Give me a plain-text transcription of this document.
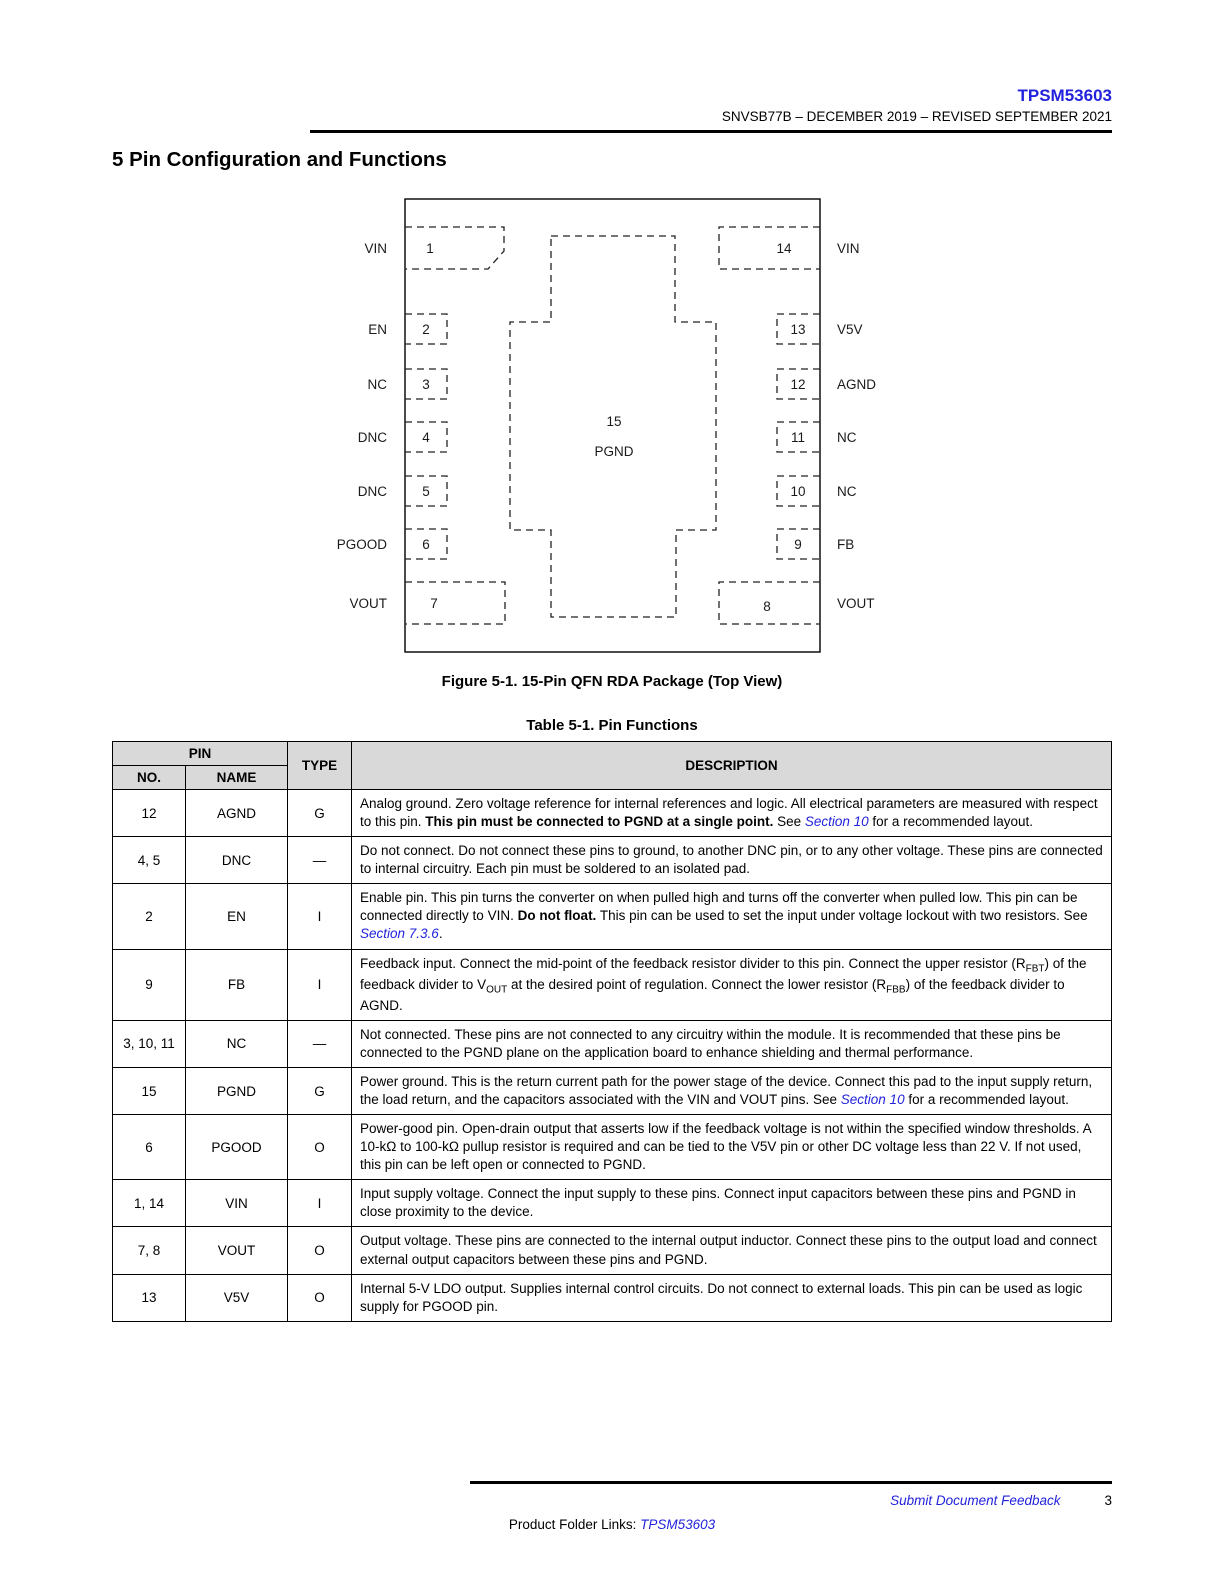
TPSM53603
SNVSB77B – DECEMBER 2019 – REVISED SEPTEMBER 2021
5 Pin Configuration and Functions
1
2
3
4
5
6
7
14
13
12
11
10
9
8
15
PGND
VIN
EN
NC
DNC
DNC
PGOOD
VOUT
VIN
V5V
AGND
NC
NC
FB
VOUT
Figure 5-1. 15-Pin QFN RDA Package (Top View)
Table 5-1. Pin Functions
PIN		TYPE	DESCRIPTION
NO.	NAME		
12	AGND	G	Analog ground. Zero voltage reference for internal references and logic. All electrical parameters are measured with respect to this pin. This pin must be connected to PGND at a single point. See Section 10 for a recommended layout.
4, 5	DNC	—	Do not connect. Do not connect these pins to ground, to another DNC pin, or to any other voltage. These pins are connected to internal circuitry. Each pin must be soldered to an isolated pad.
2	EN	I	Enable pin. This pin turns the converter on when pulled high and turns off the converter when pulled low. This pin can be connected directly to VIN. Do not float. This pin can be used to set the input under voltage lockout with two resistors. See Section 7.3.6.
9	FB	I	Feedback input. Connect the mid-point of the feedback resistor divider to this pin. Connect the upper resistor $(R_{FBT})$ of the feedback divider to $V_{OUT}$ at the desired point of regulation. Connect the lower resistor $(R_{FBB})$ of the feedback divider to AGND.
3, 10, 11	NC	—	Not connected. These pins are not connected to any circuitry within the module. It is recommended that these pins be connected to the PGND plane on the application board to enhance shielding and thermal performance.
15	PGND	G	Power ground. This is the return current path for the power stage of the device. Connect this pad to the input supply return, the load return, and the capacitors associated with the VIN and VOUT pins. See Section 10 for a recommended layout.
6	PGOOD	O	Power-good pin. Open-drain output that asserts low if the feedback voltage is not within the specified window thresholds. A 10-kΩ to 100-kΩ pullup resistor is required and can be tied to the V5V pin or other DC voltage less than 22 V. If not used, this pin can be left open or connected to PGND.
1, 14	VIN	I	Input supply voltage. Connect the input supply to these pins. Connect input capacitors between these pins and PGND in close proximity to the device.
7, 8	VOUT	O	Output voltage. These pins are connected to the internal output inductor. Connect these pins to the output load and connect external output capacitors between these pins and PGND.
13	V5V	O	Internal 5-V LDO output. Supplies internal control circuits. Do not connect to external loads. This pin can be used as logic supply for PGOOD pin.
Submit Document Feedback	3
Product Folder Links: TPSM53603
